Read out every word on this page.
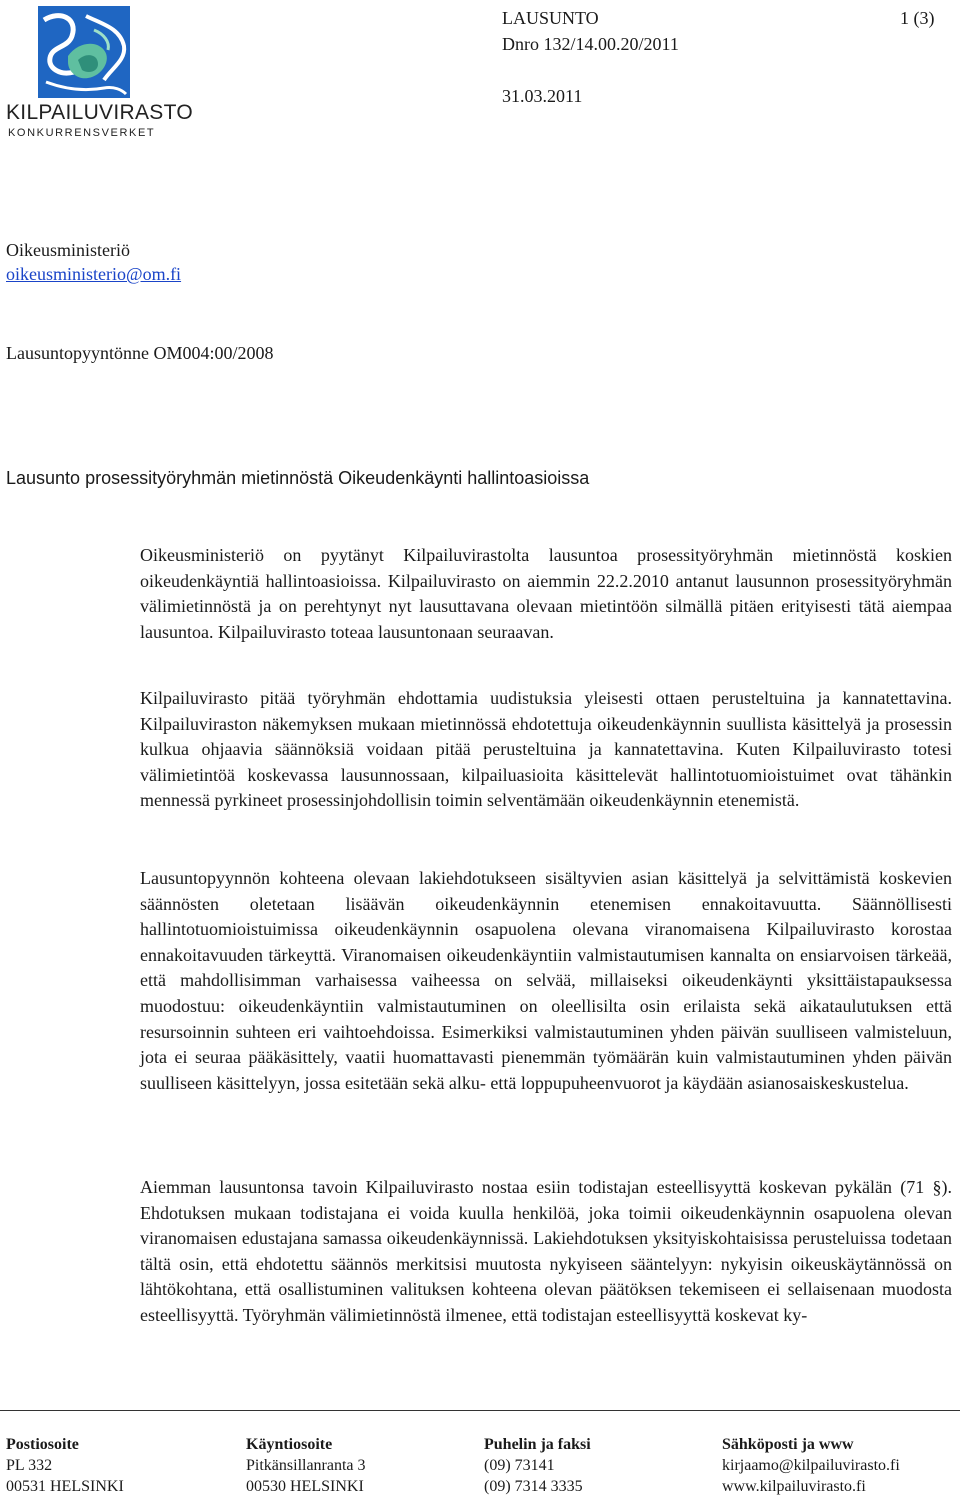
KILPAILUVIRASTO
KONKURRENSVERKET
LAUSUNTO	1 (3)
Dnro 132/14.00.20/2011
31.03.2011
Oikeusministeriö
oikeusministerio@om.fi
Lausuntopyyntönne OM004:00/2008
Lausunto prosessityöryhmän mietinnöstä Oikeudenkäynti hallintoasioissa

Oikeusministeriö on pyytänyt Kilpailuvirastolta lausuntoa prosessityöryhmän mietinnöstä koskien oikeudenkäyntiä hallintoasioissa. Kilpailuvirasto on aiemmin 22.2.2010 antanut lausunnon prosessityöryhmän välimietinnöstä ja on perehtynyt nyt lausuttavana olevaan mietintöön silmällä pitäen erityisesti tätä aiempaa lausuntoa. Kilpailuvirasto toteaa lausuntonaan seuraavan.

Kilpailuvirasto pitää työryhmän ehdottamia uudistuksia yleisesti ottaen perusteltuina ja kannatettavina. Kilpailuviraston näkemyksen mukaan mietinnössä ehdotettuja oikeudenkäynnin suullista käsittelyä ja prosessin kulkua ohjaavia säännöksiä voidaan pitää perusteltuina ja kannatettavina. Kuten Kilpailuvirasto totesi välimietintöä koskevassa lausunnossaan, kilpailuasioita käsittelevät hallintotuomioistuimet ovat tähänkin mennessä pyrkineet prosessinjohdollisin toimin selventämään oikeudenkäynnin etenemistä.

Lausuntopyynnön kohteena olevaan lakiehdotukseen sisältyvien asian käsittelyä ja selvittämistä koskevien säännösten oletetaan lisäävän oikeudenkäynnin etenemisen ennakoitavuutta. Säännöllisesti hallintotuomioistuimissa oikeudenkäynnin osapuolena olevana viranomaisena Kilpailuvirasto korostaa ennakoitavuuden tärkeyttä. Viranomaisen oikeudenkäyntiin valmistautumisen kannalta on ensiarvoisen tärkeää, että mahdollisimman varhaisessa vaiheessa on selvää, millaiseksi oikeudenkäynti yksittäistapauksessa muodostuu: oikeudenkäyntiin valmistautuminen on oleellisilta osin erilaista sekä aikataulutuksen että resursoinnin suhteen eri vaihtoehdoissa. Esimerkiksi valmistautuminen yhden päivän suulliseen valmisteluun, jota ei seuraa pääkäsittely, vaatii huomattavasti pienemmän työmäärän kuin valmistautuminen yhden päivän suulliseen käsittelyyn, jossa esitetään sekä alku- että loppupuheenvuorot ja käydään asianosaiskeskustelua.

Aiemman lausuntonsa tavoin Kilpailuvirasto nostaa esiin todistajan esteellisyyttä koskevan pykälän (71 §). Ehdotuksen mukaan todistajana ei voida kuulla henkilöä, joka toimii oikeudenkäynnin osapuolena olevan viranomaisen edustajana samassa oikeudenkäynnissä. Lakiehdotuksen yksityiskohtaisissa perusteluissa todetaan tältä osin, että ehdotettu säännös merkitsisi muutosta nykyiseen sääntelyyn: nykyisin oikeuskäytännössä on lähtökohtana, että osallistuminen valituksen kohteena olevan päätöksen tekemiseen ei sellaisenaan muodosta esteellisyyttä. Työryhmän välimietinnöstä ilmenee, että todistajan esteellisyyttä koskevat ky-

Postiosoite
PL 332
00531 HELSINKI
Käyntiosoite
Pitkänsillanranta 3
00530 HELSINKI
Puhelin ja faksi
(09) 73141
(09) 7314 3335
Sähköposti ja www
kirjaamo@kilpailuvirasto.fi
www.kilpailuvirasto.fi
